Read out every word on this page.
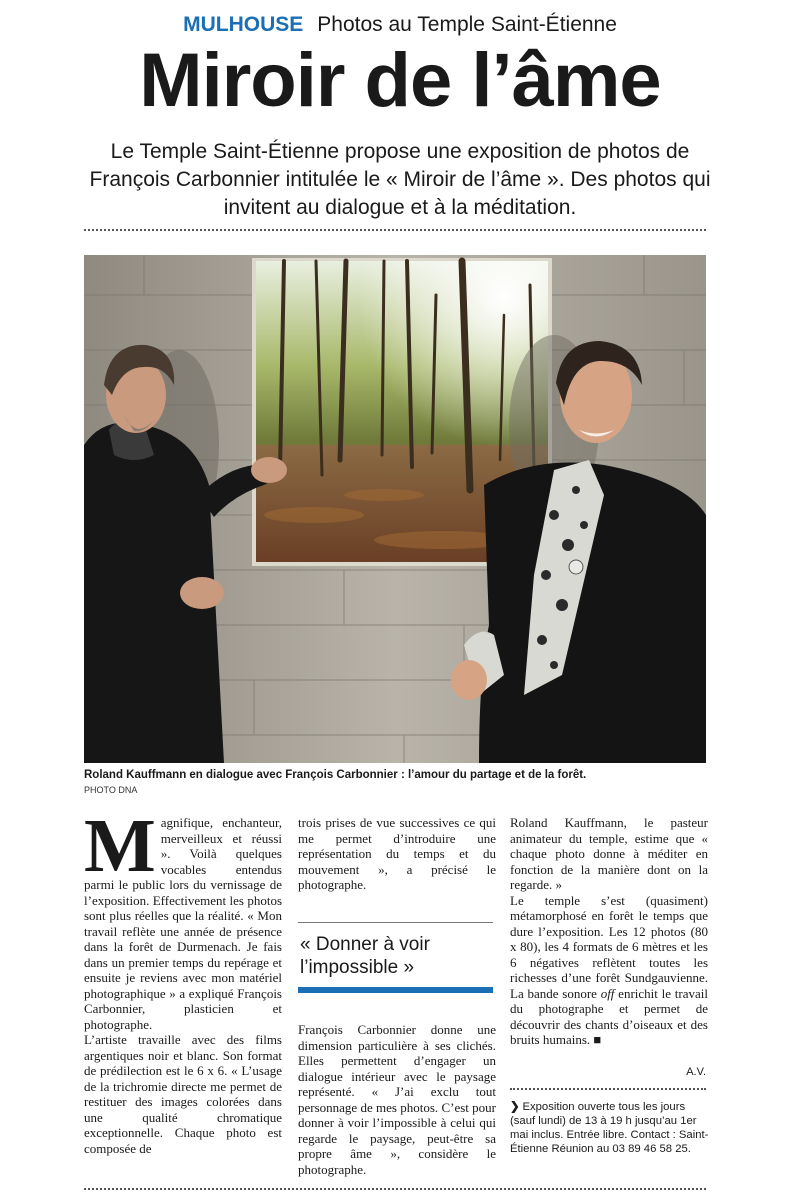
MULHOUSE Photos au Temple Saint-Étienne
Miroir de l’âme
Le Temple Saint-Étienne propose une exposition de photos de François Carbonnier intitulée le « Miroir de l’âme ». Des photos qui invitent au dialogue et à la méditation.
Roland Kauffmann en dialogue avec François Carbonnier : l’amour du partage et de la forêt.
PHOTO DNA

Magnifique, enchanteur, merveilleux et réussi ». Voilà quelques vocables entendus parmi le public lors du vernissage de l’exposition. Effectivement les photos sont plus réelles que la réalité. « Mon travail reflète une année de présence dans la forêt de Durmenach. Je fais dans un premier temps du repérage et ensuite je reviens avec mon matériel photographique » a expliqué François Carbonnier, plasticien et photographe.

L’artiste travaille avec des films argentiques noir et blanc. Son format de prédilection est le 6 x 6. « L’usage de la trichromie directe me permet de restituer des images colorées dans une qualité chromatique exceptionnelle. Chaque photo est composée de

trois prises de vue successives ce qui me permet d’introduire une représentation du temps et du mouvement », a précisé le photographe.

« Donner à voir l’impossible »

François Carbonnier donne une dimension particulière à ses clichés. Elles permettent d’engager un dialogue intérieur avec le paysage représenté. « J’ai exclu tout personnage de mes photos. C’est pour donner à voir l’impossible à celui qui regarde le paysage, peut-être sa propre âme », considère le photographe.

Roland Kauffmann, le pasteur animateur du temple, estime que « chaque photo donne à méditer en fonction de la manière dont on la regarde. »

Le temple s’est (quasiment) métamorphosé en forêt le temps que dure l’exposition. Les 12 photos (80 x 80), les 4 formats de 6 mètres et les 6 négatives reflètent toutes les richesses d’une forêt Sundgauvienne. La bande sonore off enrichit le travail du photographe et permet de découvrir des chants d’oiseaux et des bruits humains. ■

A.V.
❯ Exposition ouverte tous les jours (sauf lundi) de 13 à 19 h jusqu’au 1er mai inclus. Entrée libre. Contact : Saint-Étienne Réunion au 03 89 46 58 25.
